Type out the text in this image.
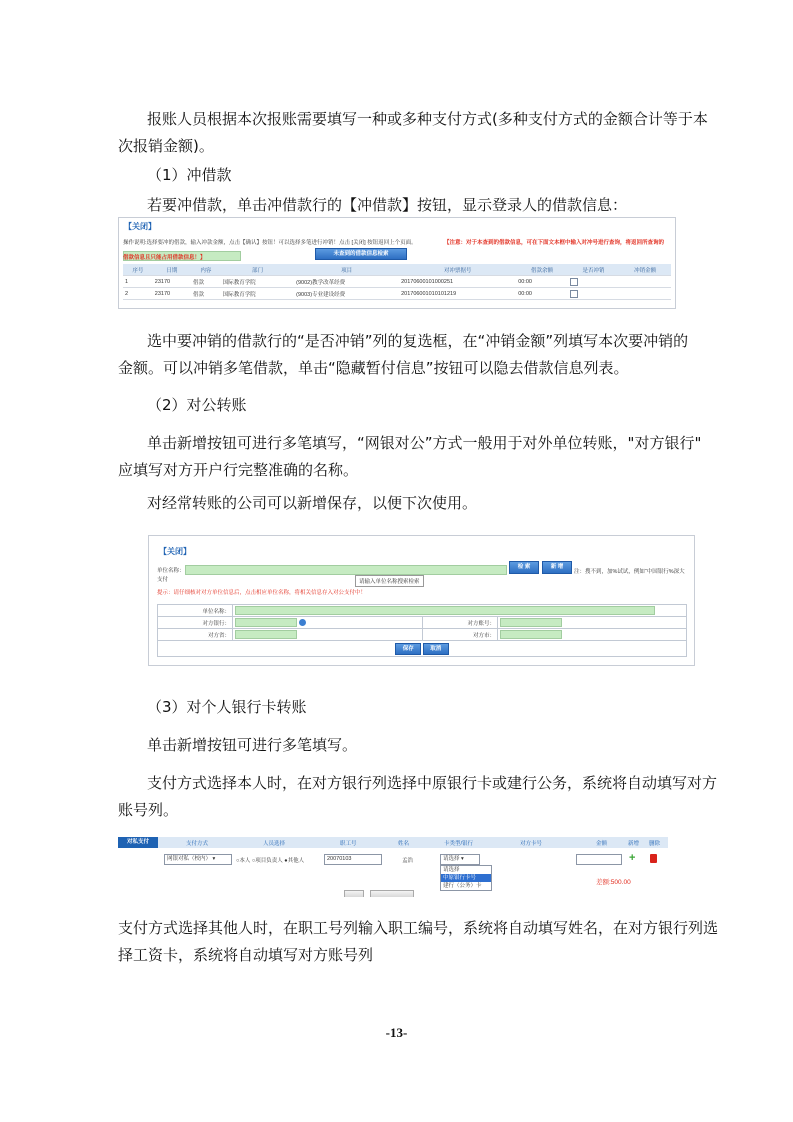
报账人员根据本次报账需要填写一种或多种支付方式(多种支付方式的金额合计等于本

次报销金额)。

（1）冲借款

若要冲借款，单击冲借款行的【冲借款】按钮，显示登录人的借款信息：

【关闭】
操作说明:选择要冲的借款，输入冲款金额，点击【确认】按钮！可以选择多笔进行冲销！点击 [关闭] 按钮返回上个页面。	【注意：对于本查到的借款信息，可在下面文本框中输入对冲号进行查询，将返回所查询的
借款信息且只能占用借款信息！】
未查到的借款信息检索
序号	日期	内容	部门	项目	对冲票据号	借款余额	是否冲销	冲销金额
1	23170	借款	国际教育学院	(9002)教学改革经费	20170600101000251	00:00		
2	23170	借款	国际教育学院	(9003)专业建设经费	201706001010101219	00:00		

选中要冲销的借款行的“是否冲销”列的复选框，在“冲销金额”列填写本次要冲销的

金额。可以冲销多笔借款，单击“隐藏暂付信息”按钮可以隐去借款信息列表。

（2）对公转账

单击新增按钮可进行多笔填写，“网银对公”方式一般用于对外单位转账，"对方银行"

应填写对方开户行完整准确的名称。

对经常转账的公司可以新增保存，以便下次使用。

【关闭】
单位名称：
支付	请输入单位名称搜索检索
检 索	新 增
注：搜不到，加%试试，例如“中国银行%深大
提示：请仔细核对对方单位信息后，点击相应单位名称，将相关信息存入对公支付中！
单位名称：			

对方银行：		对方账号：	
对方省：		对方市：	
保存 取消			

（3）对个人银行卡转账

单击新增按钮可进行多笔填写。

支付方式选择本人时，在对方银行列选择中原银行卡或建行公务，系统将自动填写对方

账号列。

对私支付	支付方式	人员选择	职工号	姓名	卡类型/银行	对方卡号	金额	新增 删除
网银对私（校内） ▾	○本人 ○项目负责人 ●其他人	20070103	孟浩	请选择 ▾
请选择
中原银行卡号
建行（公务）卡
+
差额:500.00

支付方式选择其他人时，在职工号列输入职工编号，系统将自动填写姓名，在对方银行列选

择工资卡，系统将自动填写对方账号列

-13-
